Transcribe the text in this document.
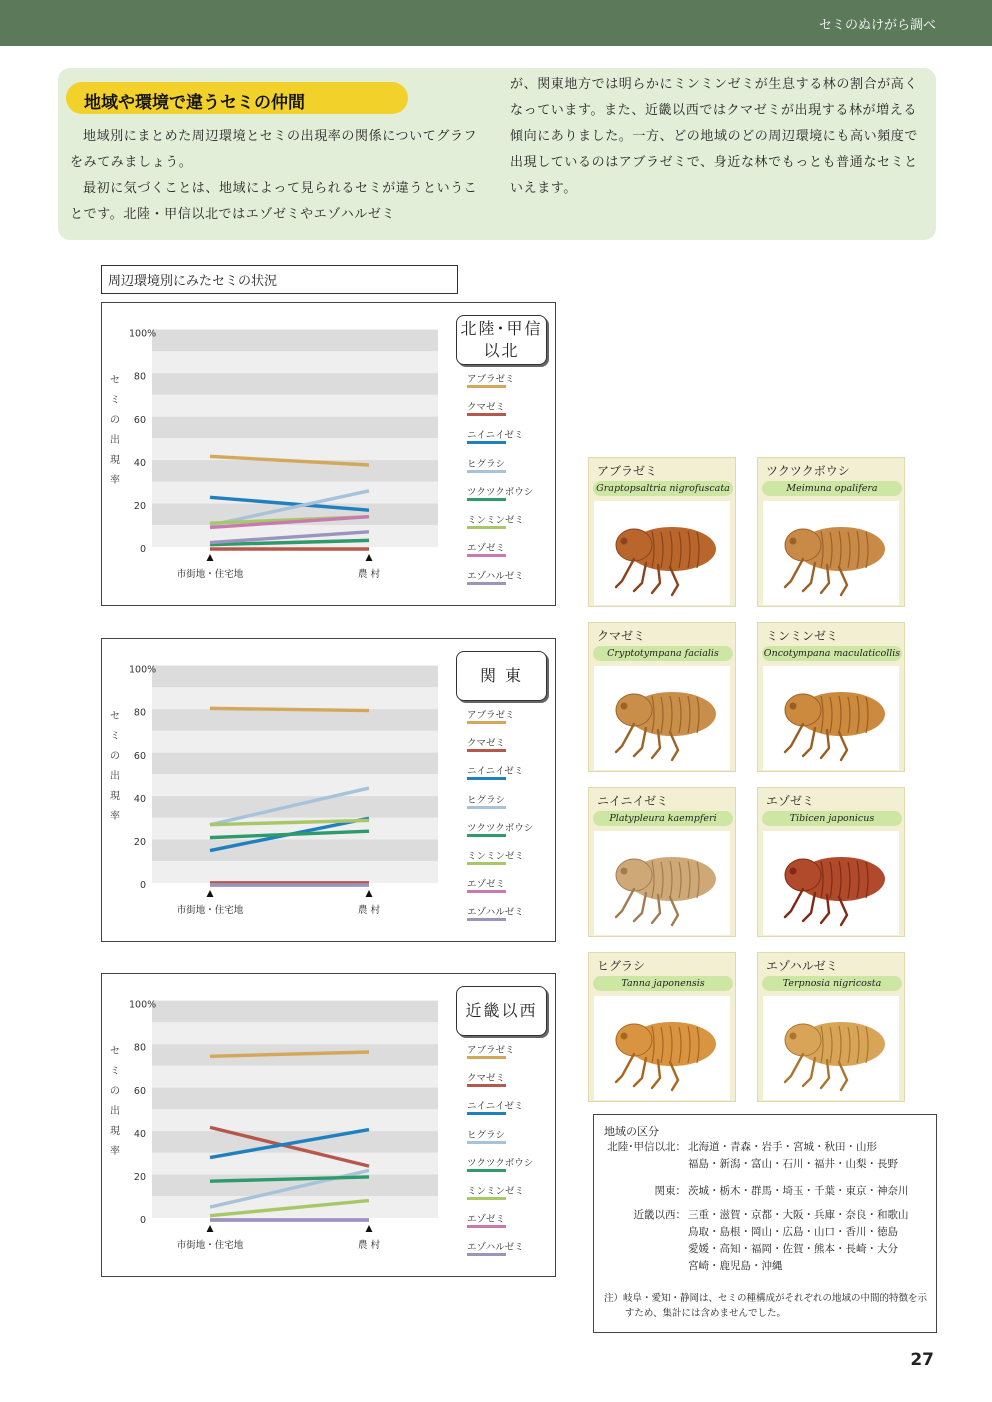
セミのぬけがら調べ
地域や環境で違うセミの仲間

地域別にまとめた周辺環境とセミの出現率の関係についてグラフをみてみましょう。

最初に気づくことは、地域によって見られるセミが違うということです。北陸・甲信以北ではエゾゼミやエゾハルゼミ

が、関東地方では明らかにミンミンゼミが生息する林の割合が高くなっています。また、近畿以西ではクマゼミが出現する林が増える傾向にありました。一方、どの地域のどの周辺環境にも高い頻度で出現しているのはアブラゼミで、身近な林でもっとも普通なセミといえます。
周辺環境別にみたセミの状況
100%
80
60
40
20
0
セ
ミ
の
出
現
率
市街地・住宅地	農 村
北陸･甲信
以北
アブラゼミ
クマゼミ
ニイニイゼミ
ヒグラシ
ツクツクボウシ
ミンミンゼミ
エゾゼミ
エゾハルゼミ
100%
80
60
40
20
0
セ
ミ
の
出
現
率
市街地・住宅地	農 村
関 東
アブラゼミ
クマゼミ
ニイニイゼミ
ヒグラシ
ツクツクボウシ
ミンミンゼミ
エゾゼミ
エゾハルゼミ
100%
80
60
40
20
0
セ
ミ
の
出
現
率
市街地・住宅地	農 村
近畿以西
アブラゼミ
クマゼミ
ニイニイゼミ
ヒグラシ
ツクツクボウシ
ミンミンゼミ
エゾゼミ
エゾハルゼミ
アブラゼミ
Graptopsaltria nigrofuscata
ツクツクボウシ
Meimuna opalifera
クマゼミ
Cryptotympana facialis
ミンミンゼミ
Oncotympana maculaticollis
ニイニイゼミ
Platypleura kaempferi
エゾゼミ
Tibicen japonicus
ヒグラシ
Tanna japonensis
エゾハルゼミ
Terpnosia nigricosta
地域の区分
北陸･甲信以北： 北海道・青森・岩手・宮城・秋田・山形
福島・新潟・富山・石川・福井・山梨・長野
関東： 茨城・栃木・群馬・埼玉・千葉・東京・神奈川
近畿以西： 三重・滋賀・京都・大阪・兵庫・奈良・和歌山
鳥取・島根・岡山・広島・山口・香川・徳島
愛媛・高知・福岡・佐賀・熊本・長崎・大分
宮崎・鹿児島・沖縄
注）岐阜・愛知・静岡は、セミの種構成がそれぞれの地域の中間的特徴を示すため、集計には含めませんでした。
27
